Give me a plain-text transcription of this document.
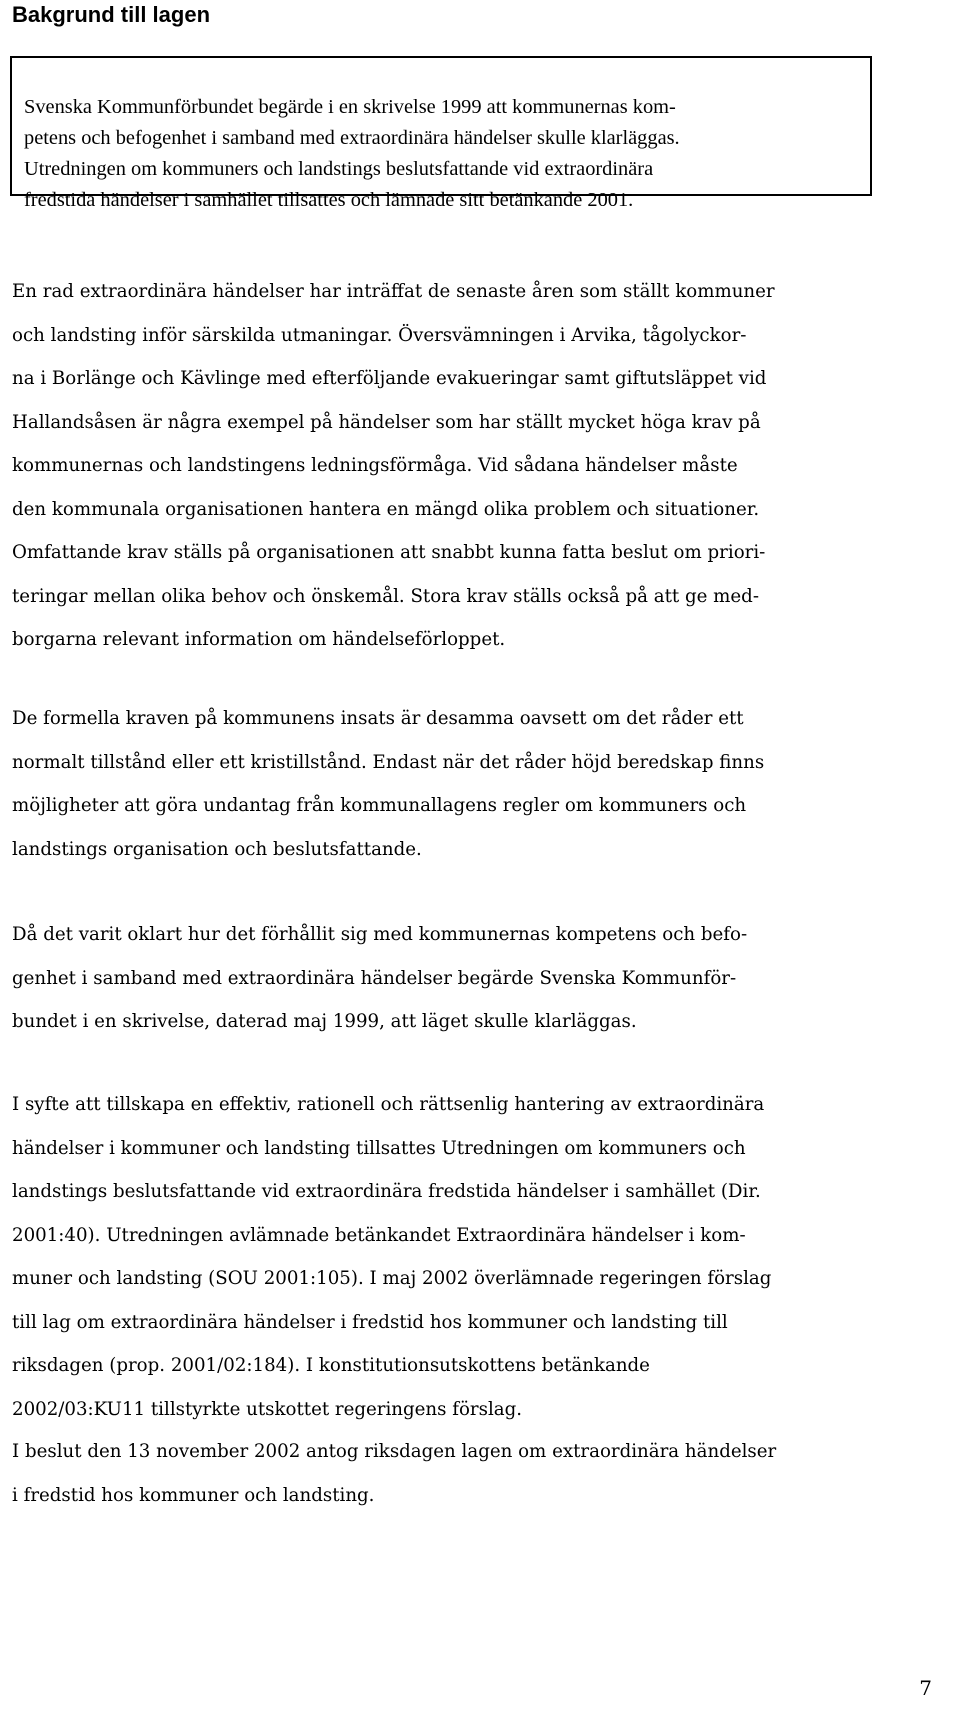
Bakgrund till lagen
Svenska Kommunförbundet begärde i en skrivelse 1999 att kommunernas kom-
petens och befogenhet i samband med extraordinära händelser skulle klarläggas.
Utredningen om kommuners och landstings beslutsfattande vid extraordinära
fredstida händelser i samhället tillsattes och lämnade sitt betänkande 2001.

En rad extraordinära händelser har inträffat de senaste åren som ställt kommuner
och landsting inför särskilda utmaningar. Översvämningen i Arvika, tågolyckor-
na i Borlänge och Kävlinge med efterföljande evakueringar samt giftutsläppet vid
Hallandsåsen är några exempel på händelser som har ställt mycket höga krav på
kommunernas och landstingens ledningsförmåga. Vid sådana händelser måste
den kommunala organisationen hantera en mängd olika problem och situationer.
Omfattande krav ställs på organisationen att snabbt kunna fatta beslut om priori-
teringar mellan olika behov och önskemål. Stora krav ställs också på att ge med-
borgarna relevant information om händelseförloppet.

De formella kraven på kommunens insats är desamma oavsett om det råder ett
normalt tillstånd eller ett kristillstånd. Endast när det råder höjd beredskap finns
möjligheter att göra undantag från kommunallagens regler om kommuners och
landstings organisation och beslutsfattande.

Då det varit oklart hur det förhållit sig med kommunernas kompetens och befo-
genhet i samband med extraordinära händelser begärde Svenska Kommunför-
bundet i en skrivelse, daterad maj 1999, att läget skulle klarläggas.

I syfte att tillskapa en effektiv, rationell och rättsenlig hantering av extraordinära
händelser i kommuner och landsting tillsattes Utredningen om kommuners och
landstings beslutsfattande vid extraordinära fredstida händelser i samhället (Dir.
2001:40). Utredningen avlämnade betänkandet Extraordinära händelser i kom-
muner och landsting (SOU 2001:105). I maj 2002 överlämnade regeringen förslag
till lag om extraordinära händelser i fredstid hos kommuner och landsting till
riksdagen (prop. 2001/02:184). I konstitutionsutskottens betänkande
2002/03:KU11 tillstyrkte utskottet regeringens förslag.

I beslut den 13 november 2002 antog riksdagen lagen om extraordinära händelser
i fredstid hos kommuner och landsting.

7
